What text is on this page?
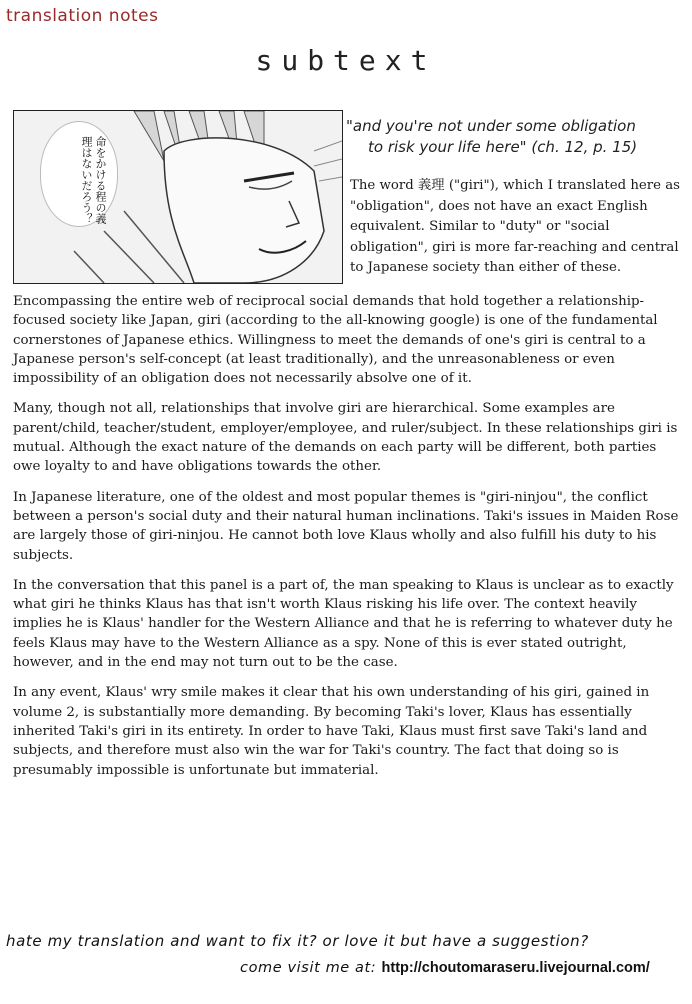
translation notes
subtext
命をかける程の義理はないだろう？
"and you're not under some obligation
to risk your life here" (ch. 12, p. 15)
The word 義理 ("giri"), which I translated here as "obligation", does not have an exact English equivalent. Similar to "duty" or "social obligation", giri is more far-reaching and central to Japanese society than either of these.

Encompassing the entire web of reciprocal social demands that hold together a relationship-focused society like Japan, giri (according to the all-knowing google) is one of the fundamental cornerstones of Japanese ethics. Willingness to meet the demands of one's giri is central to a Japanese person's self-concept (at least traditionally), and the unreasonableness or even impossibility of an obligation does not necessarily absolve one of it.

Many, though not all, relationships that involve giri are hierarchical. Some examples are parent/child, teacher/student, employer/employee, and ruler/subject. In these relationships giri is mutual. Although the exact nature of the demands on each party will be different, both parties owe loyalty to and have obligations towards the other.

In Japanese literature, one of the oldest and most popular themes is "giri-ninjou", the conflict between a person's social duty and their natural human inclinations. Taki's issues in Maiden Rose are largely those of giri-ninjou. He cannot both love Klaus wholly and also fulfill his duty to his subjects.

In the conversation that this panel is a part of, the man speaking to Klaus is unclear as to exactly what giri he thinks Klaus has that isn't worth Klaus risking his life over. The context heavily implies he is Klaus' handler for the Western Alliance and that he is referring to whatever duty he feels Klaus may have to the Western Alliance as a spy. None of this is ever stated outright, however, and in the end may not turn out to be the case.

In any event, Klaus' wry smile makes it clear that his own understanding of his giri, gained in volume 2, is substantially more demanding. By becoming Taki's lover, Klaus has essentially inherited Taki's giri in its entirety. In order to have Taki, Klaus must first save Taki's land and subjects, and therefore must also win the war for Taki's country. The fact that doing so is presumably impossible is unfortunate but immaterial.

hate my translation and want to fix it? or love it but have a suggestion?
come visit me at: http://choutomaraseru.livejournal.com/
